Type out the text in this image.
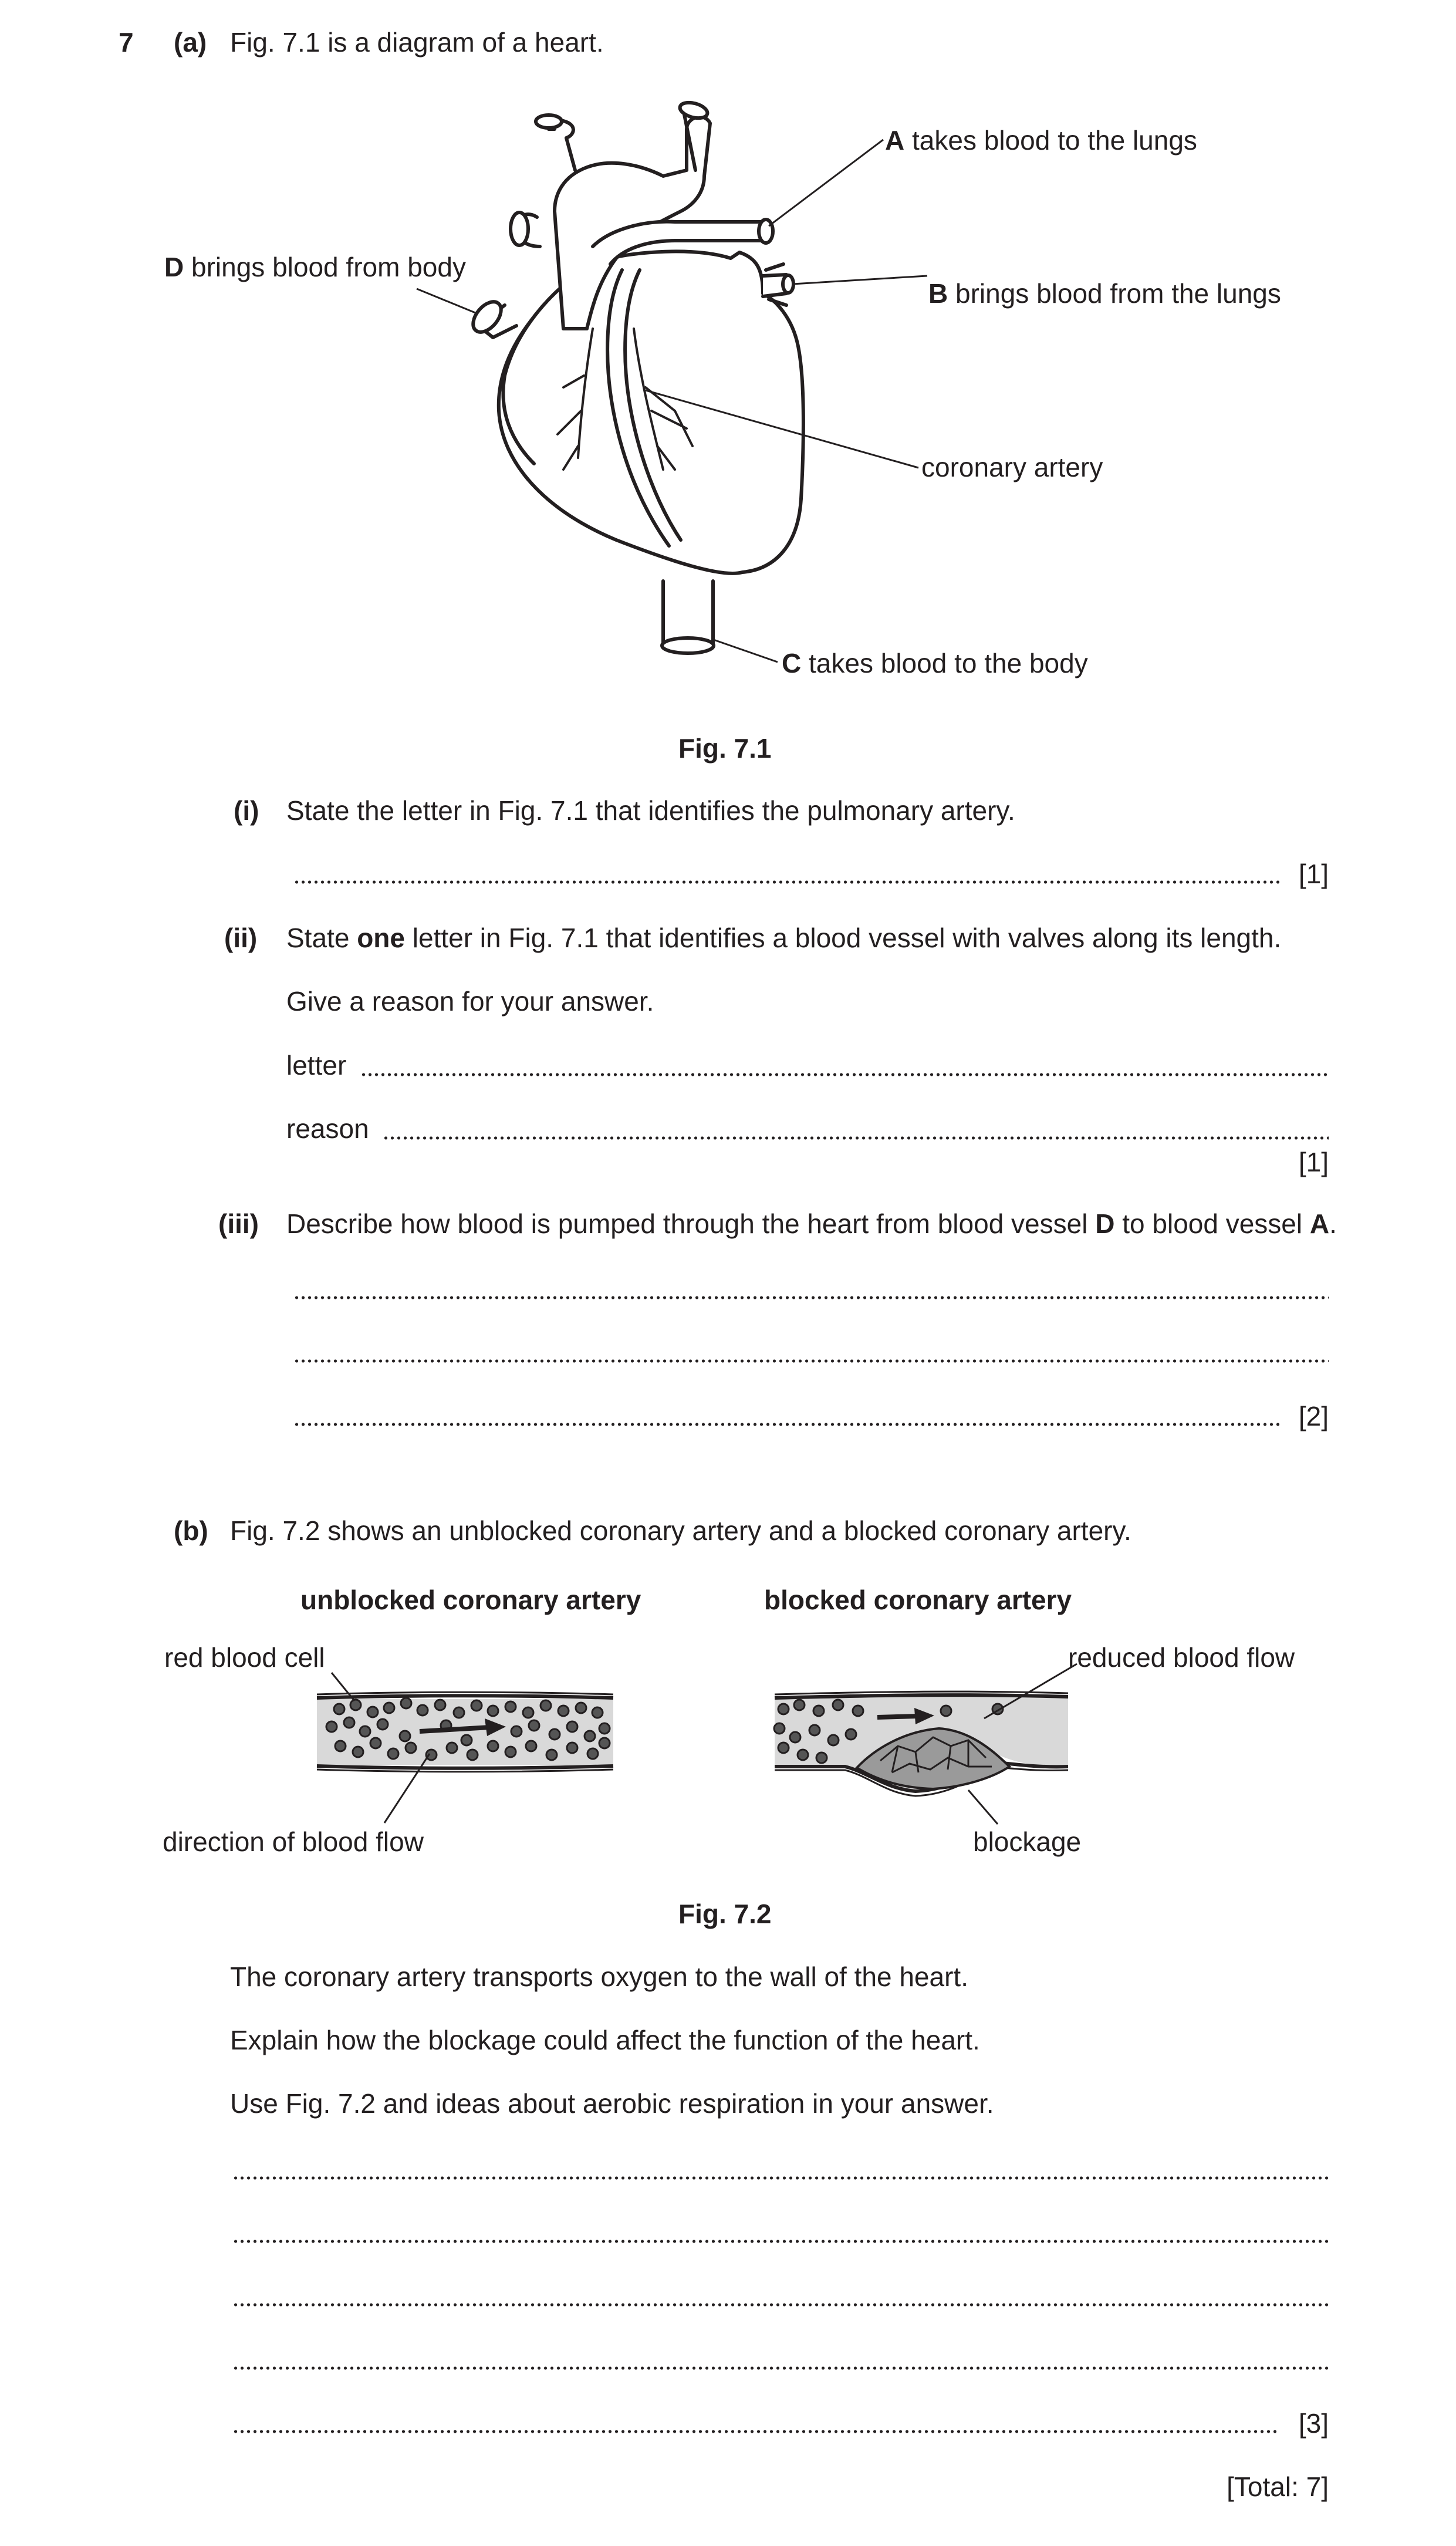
7 (a) Fig. 7.1 is a diagram of a heart.
A takes blood to the lungs
B brings blood from the lungs
coronary artery
C takes blood to the body
D brings blood from body
Fig. 7.1
(i) State the letter in Fig. 7.1 that identifies the pulmonary artery.
[1]
(ii) State one letter in Fig. 7.1 that identifies a blood vessel with valves along its length.
Give a reason for your answer.
letter
reason
[1]
(iii) Describe how blood is pumped through the heart from blood vessel D to blood vessel A.
[2]
(b) Fig. 7.2 shows an unblocked coronary artery and a blocked coronary artery.
unblocked coronary artery	blocked coronary artery
red blood cell
direction of blood flow
reduced blood flow
blockage
Fig. 7.2
The coronary artery transports oxygen to the wall of the heart.
Explain how the blockage could affect the function of the heart.
Use Fig. 7.2 and ideas about aerobic respiration in your answer.
[3]
[Total: 7]
